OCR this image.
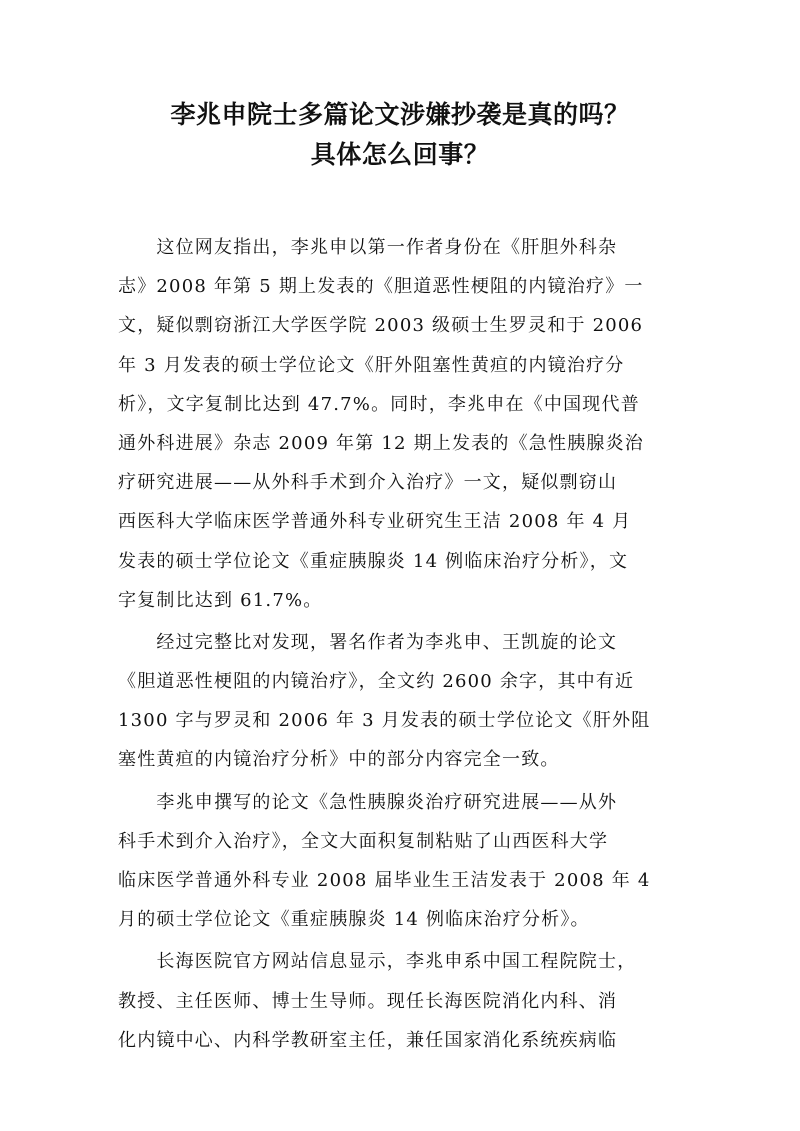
李兆申院士多篇论文涉嫌抄袭是真的吗？
具体怎么回事？
　　这位网友指出，李兆申以第一作者身份在《肝胆外科杂
志》2008 年第 5 期上发表的《胆道恶性梗阻的内镜治疗》一
文，疑似剽窃浙江大学医学院 2003 级硕士生罗灵和于 2006
年 3 月发表的硕士学位论文《肝外阻塞性黄疸的内镜治疗分
析》，文字复制比达到 47.7%。同时，李兆申在《中国现代普
通外科进展》杂志 2009 年第 12 期上发表的《急性胰腺炎治
疗研究进展——从外科手术到介入治疗》一文，疑似剽窃山
西医科大学临床医学普通外科专业研究生王洁 2008 年 4 月
发表的硕士学位论文《重症胰腺炎 14 例临床治疗分析》，文
字复制比达到 61.7%。
　　经过完整比对发现，署名作者为李兆申、王凯旋的论文
《胆道恶性梗阻的内镜治疗》，全文约 2600 余字，其中有近
1300 字与罗灵和 2006 年 3 月发表的硕士学位论文《肝外阻
塞性黄疸的内镜治疗分析》中的部分内容完全一致。
　　李兆申撰写的论文《急性胰腺炎治疗研究进展——从外
科手术到介入治疗》，全文大面积复制粘贴了山西医科大学
临床医学普通外科专业 2008 届毕业生王洁发表于 2008 年 4
月的硕士学位论文《重症胰腺炎 14 例临床治疗分析》。
　　长海医院官方网站信息显示，李兆申系中国工程院院士，
教授、主任医师、博士生导师。现任长海医院消化内科、消
化内镜中心、内科学教研室主任，兼任国家消化系统疾病临
